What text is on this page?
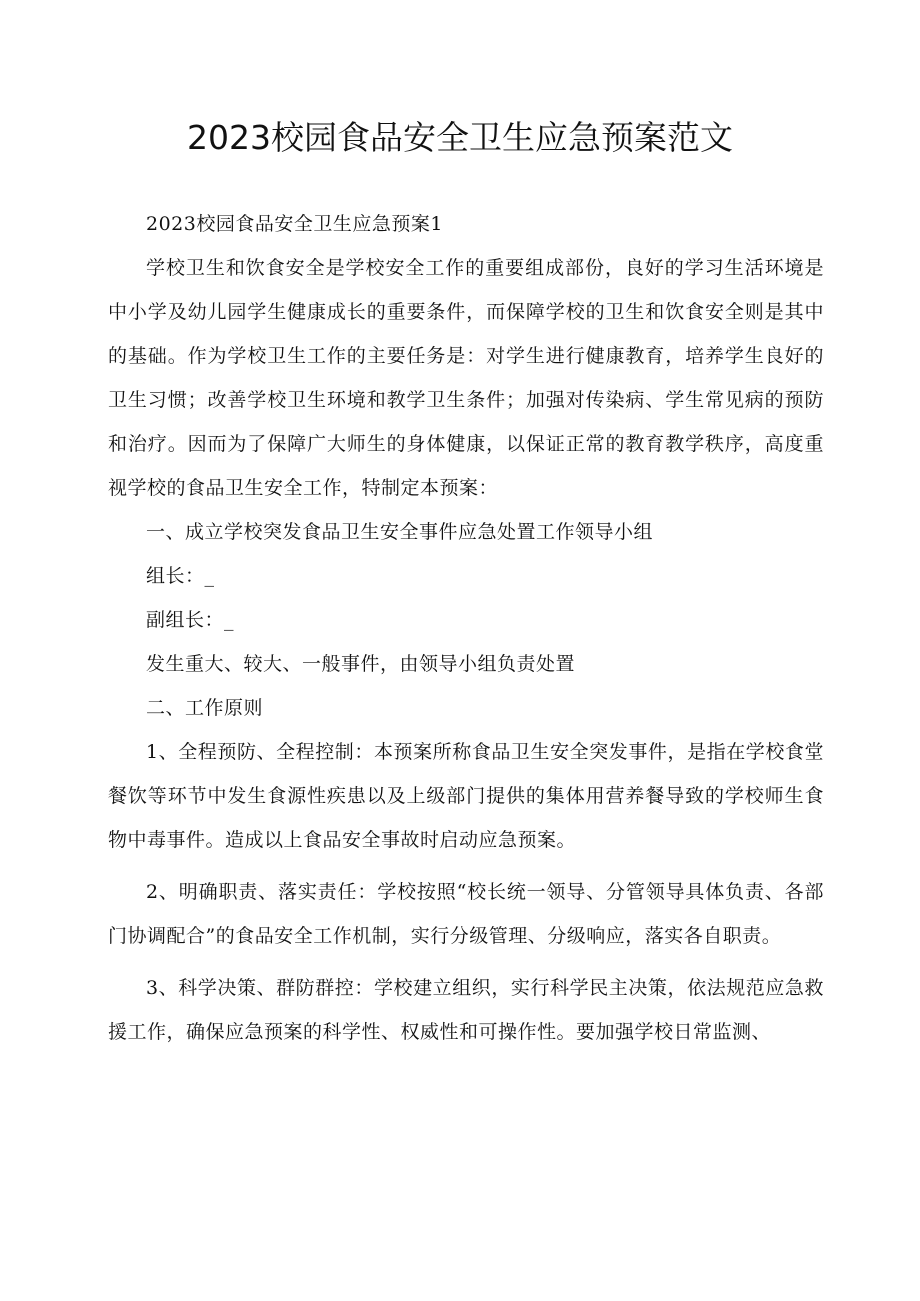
2023校园食品安全卫生应急预案范文

2023校园食品安全卫生应急预案1

学校卫生和饮食安全是学校安全工作的重要组成部份，良好的学习生活环境是中小学及幼儿园学生健康成长的重要条件，而保障学校的卫生和饮食安全则是其中的基础。作为学校卫生工作的主要任务是：对学生进行健康教育，培养学生良好的卫生习惯；改善学校卫生环境和教学卫生条件；加强对传染病、学生常见病的预防和治疗。因而为了保障广大师生的身体健康，以保证正常的教育教学秩序，高度重视学校的食品卫生安全工作，特制定本预案：

一、成立学校突发食品卫生安全事件应急处置工作领导小组

组长：_

副组长：_

发生重大、较大、一般事件，由领导小组负责处置

二、工作原则

1、全程预防、全程控制：本预案所称食品卫生安全突发事件，是指在学校食堂餐饮等环节中发生食源性疾患以及上级部门提供的集体用营养餐导致的学校师生食物中毒事件。造成以上食品安全事故时启动应急预案。

2、明确职责、落实责任：学校按照“校长统一领导、分管领导具体负责、各部门协调配合”的食品安全工作机制，实行分级管理、分级响应，落实各自职责。

3、科学决策、群防群控：学校建立组织，实行科学民主决策，依法规范应急救援工作，确保应急预案的科学性、权威性和可操作性。要加强学校日常监测、
